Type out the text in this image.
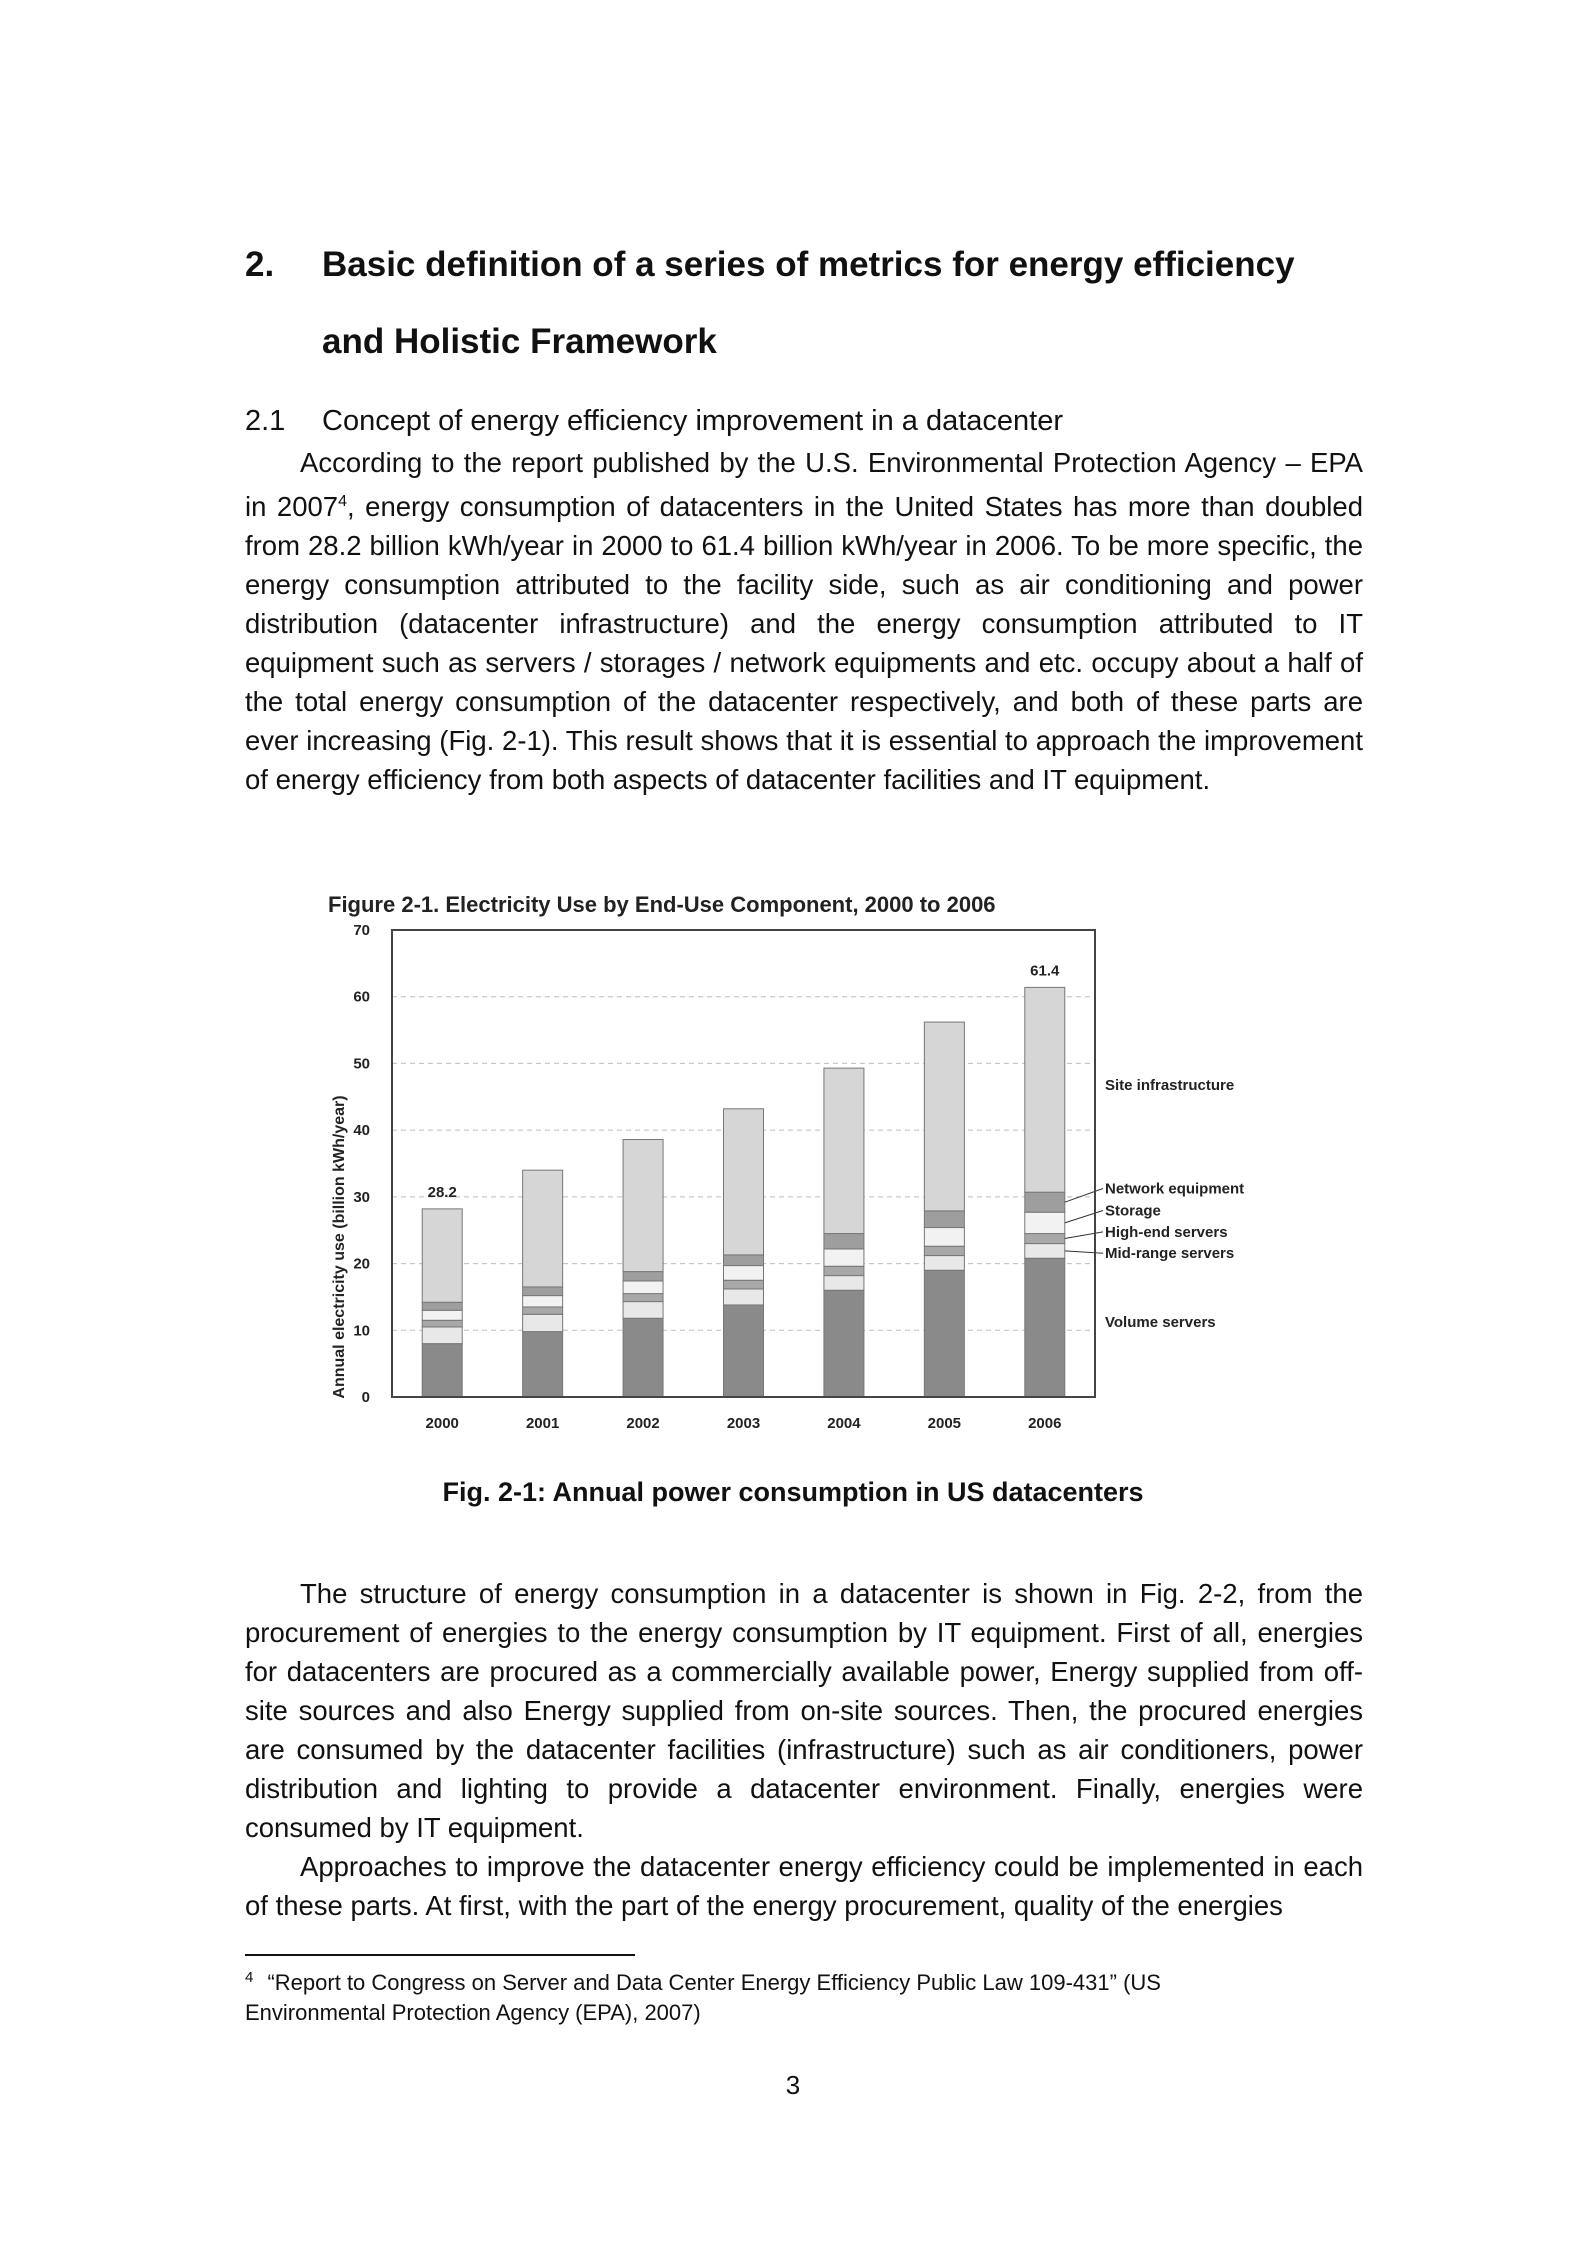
2. Basic definition of a series of metrics for energy efficiency
and Holistic Framework
2.1 Concept of energy efficiency improvement in a datacenter

According to the report published by the U.S. Environmental Protection Agency – EPA in 2007$^4$, energy consumption of datacenters in the United States has more than doubled from 28.2 billion kWh/year in 2000 to 61.4 billion kWh/year in 2006. To be more specific, the energy consumption attributed to the facility side, such as air conditioning and power distribution (datacenter infrastructure) and the energy consumption attributed to IT equipment such as servers / storages / network equipments and etc. occupy about a half of the total energy consumption of the datacenter respectively, and both of these parts are ever increasing (Fig. 2-1). This result shows that it is essential to approach the improvement of energy efficiency from both aspects of datacenter facilities and IT equipment.

Figure 2-1. Electricity Use by End-Use Component, 2000 to 2006
Annual electricity use (billion kWh/year) 0
10
20
30
40
50
60
70
2000	2001	2002	2003	2004	2005	2006
28.2
61.4
Site infrastructure
Network equipment
Storage
High-end servers
Mid-range servers
Volume servers
Fig. 2-1: Annual power consumption in US datacenters

The structure of energy consumption in a datacenter is shown in Fig. 2-2, from the procurement of energies to the energy consumption by IT equipment. First of all, energies for datacenters are procured as a commercially available power, Energy supplied from off-site sources and also Energy supplied from on-site sources. Then, the procured energies are consumed by the datacenter facilities (infrastructure) such as air conditioners, power distribution and lighting to provide a datacenter environment. Finally, energies were consumed by IT equipment.

Approaches to improve the datacenter energy efficiency could be implemented in each of these parts. At first, with the part of the energy procurement, quality of the energies

$^4$ “Report to Congress on Server and Data Center Energy Efficiency Public Law 109-431” (US Environmental Protection Agency (EPA), 2007)
3
